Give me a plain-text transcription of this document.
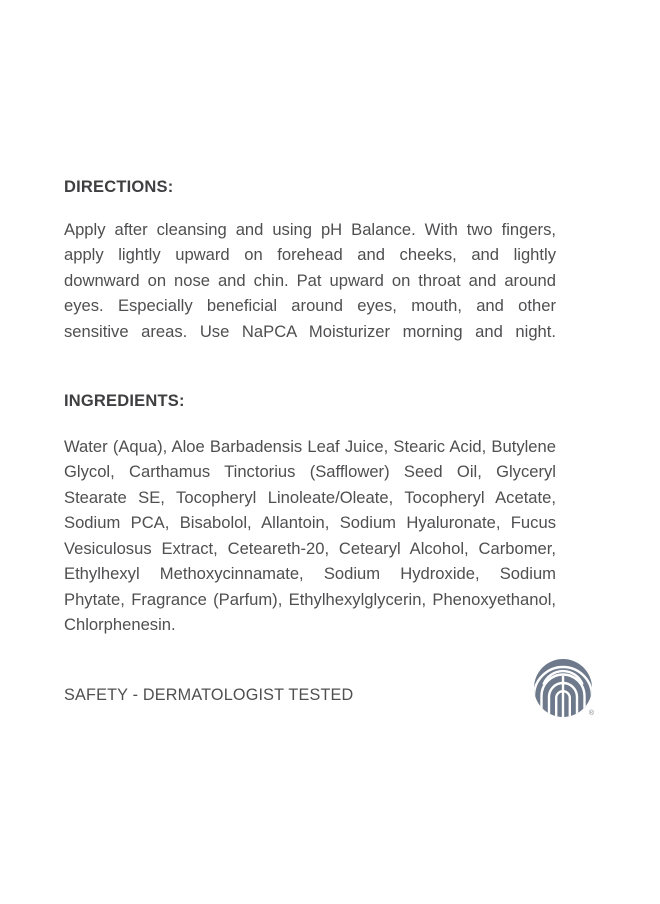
DIRECTIONS:

Apply after cleansing and using pH Balance. With two fingers, apply lightly upward on forehead and cheeks, and lightly downward on nose and chin. Pat upward on throat and around eyes. Especially beneficial around eyes, mouth, and other sensitive areas. Use NaPCA Moisturizer morning and night.

INGREDIENTS:

Water (Aqua), Aloe Barbadensis Leaf Juice, Stearic Acid, Butylene Glycol, Carthamus Tinctorius (Safflower) Seed Oil, Glyceryl Stearate SE, Tocopheryl Linoleate/Oleate, Tocopheryl Acetate, Sodium PCA, Bisabolol, Allantoin, Sodium Hyaluronate, Fucus Vesiculosus Extract, Ceteareth-20, Cetearyl Alcohol, Carbomer, Ethylhexyl Methoxycinnamate, Sodium Hydroxide, Sodium Phytate, Fragrance (Parfum), Ethylhexylglycerin, Phenoxyethanol, Chlorphenesin.

SAFETY - DERMATOLOGIST TESTED
®
